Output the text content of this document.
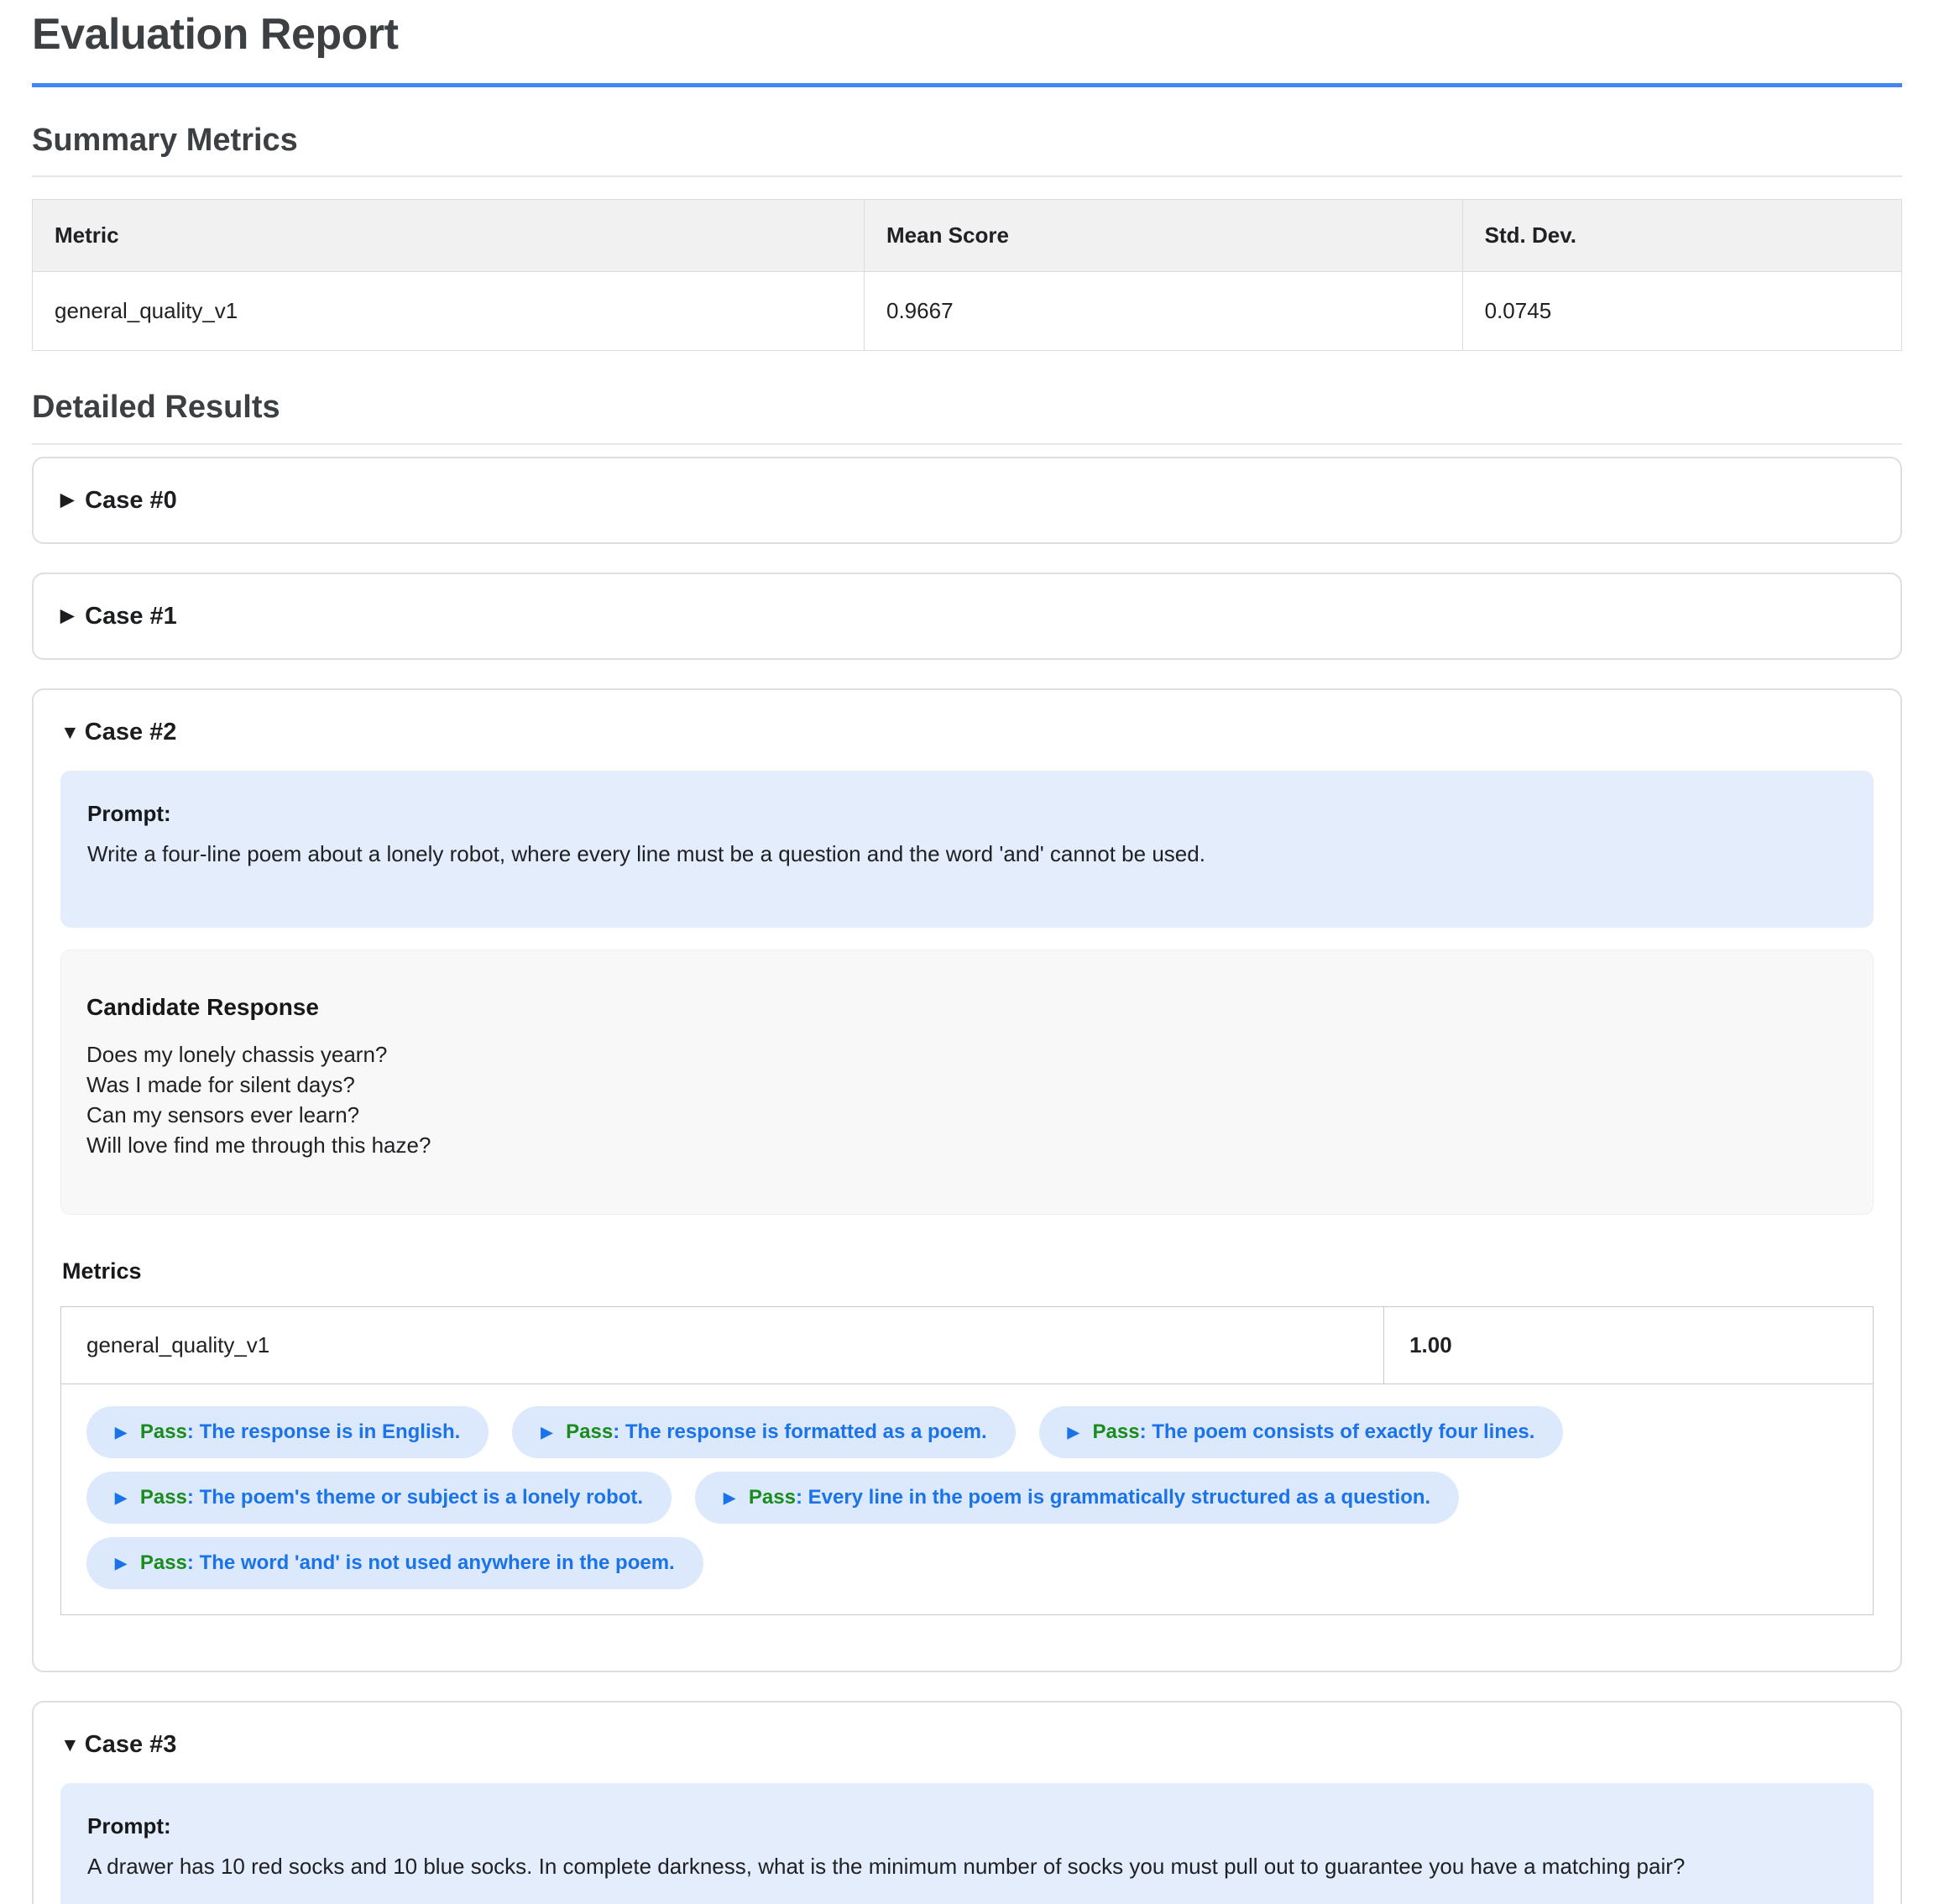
Evaluation Report
Summary Metrics
Metric	Mean Score	Std. Dev.
general_quality_v1	0.9667	0.0745
Detailed Results
▶ Case #0
▶ Case #1
▼ Case #2
Prompt:
Write a four-line poem about a lonely robot, where every line must be a question and the word 'and' cannot be used.
Candidate Response
Does my lonely chassis yearn?
Was I made for silent days?
Can my sensors ever learn?
Will love find me through this haze?
Metrics
general_quality_v1	1.00

▶ Pass: The response is in English.	▶ Pass: The response is formatted as a poem.	▶ Pass: The poem consists of exactly four lines.
▶ Pass: The poem's theme or subject is a lonely robot.	▶ Pass: Every line in the poem is grammatically structured as a question.
▶ Pass: The word 'and' is not used anywhere in the poem.
▼ Case #3
Prompt:
A drawer has 10 red socks and 10 blue socks. In complete darkness, what is the minimum number of socks you must pull out to guarantee you have a matching pair?
